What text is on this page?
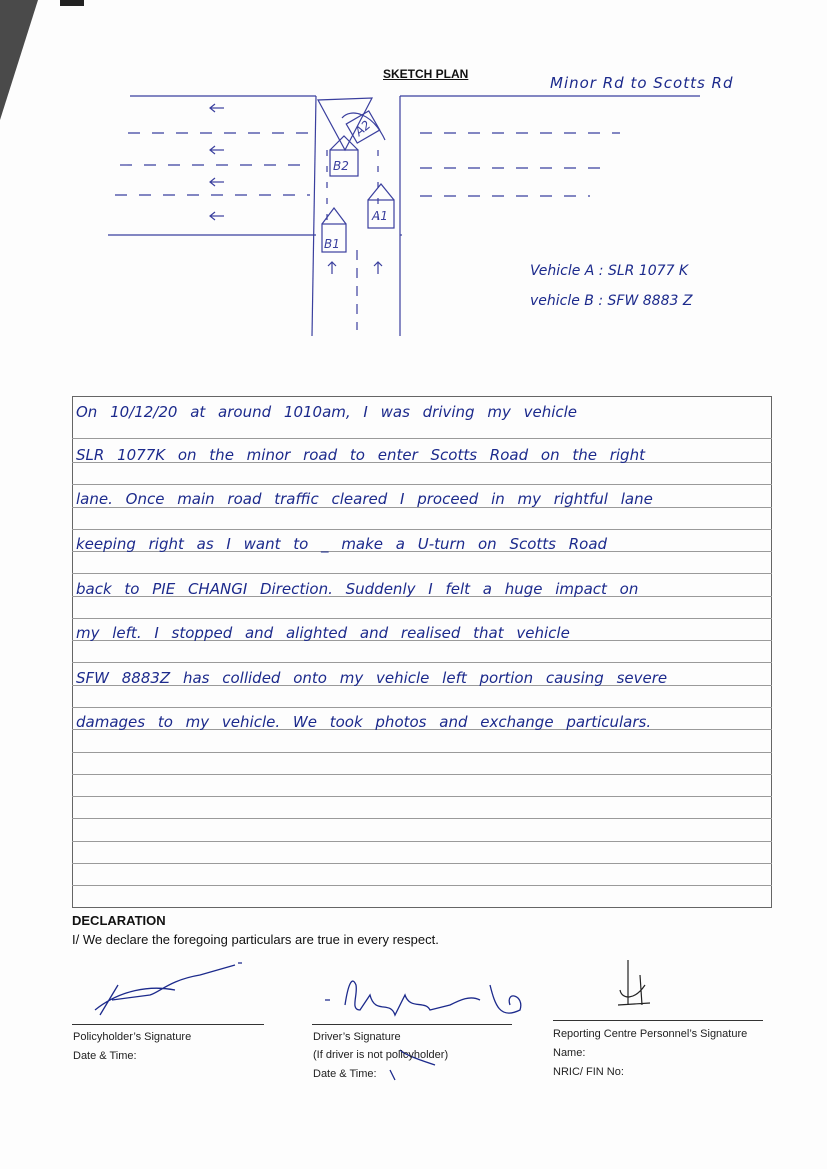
SKETCH PLAN	Minor Rd to Scotts Rd
B1
A1
B2
A2
Vehicle A : SLR 1077 K
vehicle B : SFW 8883 Z
On 10/12/20 at around 1010am, I was driving my vehicle
SLR 1077K on the minor road to enter Scotts Road on the right
lane. Once main road traffic cleared I proceed in my rightful lane
keeping right as I want to _ make a U-turn on Scotts Road
back to PIE CHANGI Direction. Suddenly I felt a huge impact on
my left. I stopped and alighted and realised that vehicle
SFW 8883Z has collided onto my vehicle left portion causing severe
damages to my vehicle. We took photos and exchange particulars.
DECLARATION
I/ We declare the foregoing particulars are true in every respect.
Policyholder’s Signature
Date & Time:
Driver’s Signature
(If driver is not policyholder)
Date & Time:
Reporting Centre Personnel’s Signature
Name:
NRIC/ FIN No:
